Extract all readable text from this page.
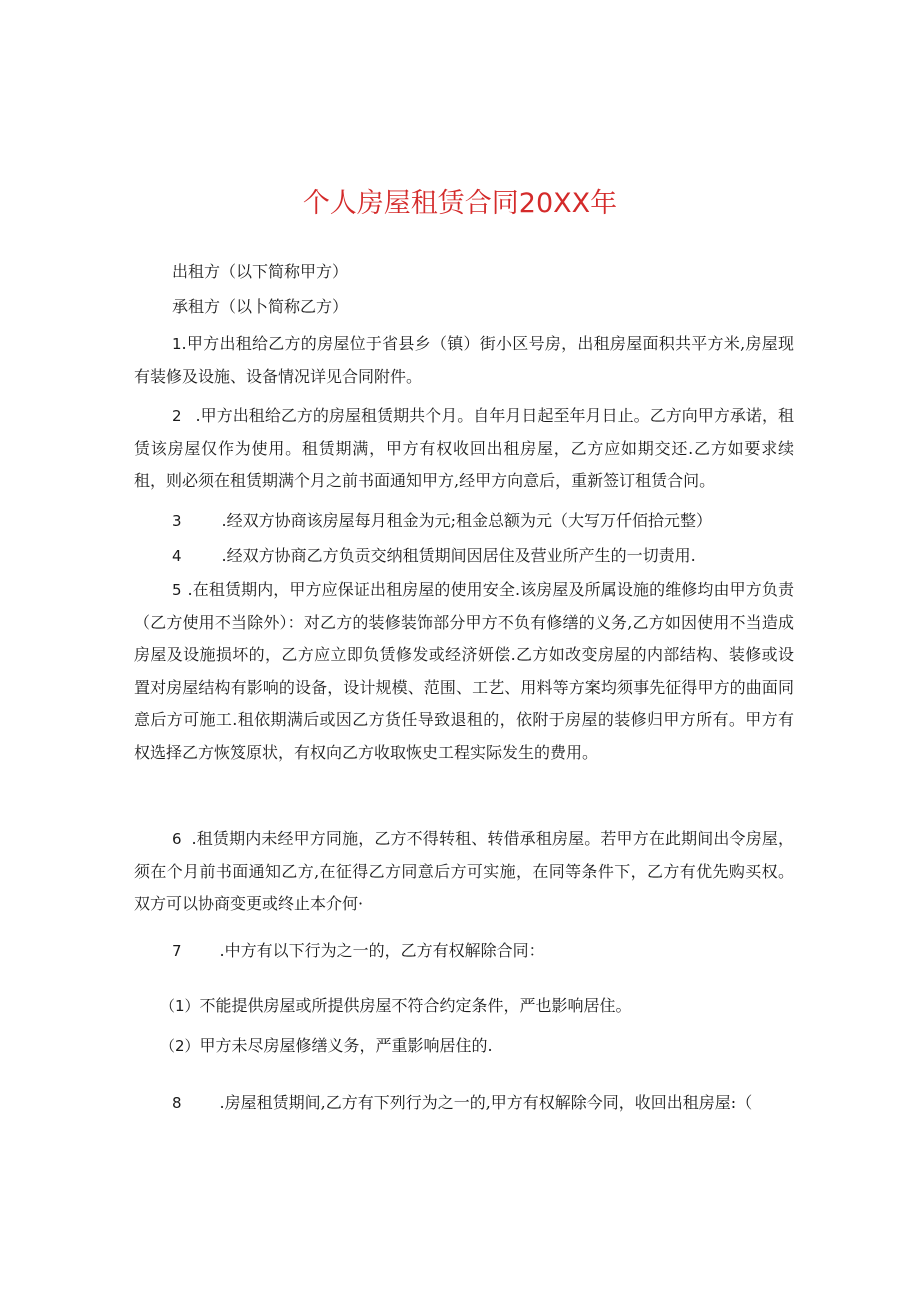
个人房屋租赁合同20XX年
出租方（以下简称甲方）
承租方（以卜简称乙方）
1.甲方出租给乙方的房屋位于省县乡（镇）街小区号房，出租房屋面积共平方米,房屋现有装修及设施、设备情况详见合同附件。
2 .甲方出租给乙方的房屋租赁期共个月。自年月日起至年月日止。乙方向甲方承诺，租赁该房屋仅作为使用。租赁期满，甲方有权收回出租房屋，乙方应如期交还.乙方如要求续租，则必须在租赁期满个月之前书面通知甲方,经甲方向意后，重新签订租赁合问。
3	.经双方协商该房屋每月租金为元;租金总额为元（大写万仟佰拾元整）
4	.经双方协商乙方负贡交纳租赁期间因居住及营业所产生的一切责用.
5 .在租赁期内，甲方应保证出租房屋的使用安全.该房屋及所属设施的维修均由甲方负责（乙方使用不当除外）：对乙方的装修装饰部分甲方不负有修缮的义务,乙方如因使用不当造成房屋及设施损坏的，乙方应立即负赁修发或经济妍偿.乙方如改变房屋的内部结构、装修或设置对房屋结构有影响的设备，设计规模、范围、工艺、用料等方案均须事先征得甲方的曲面同意后方可施工.租依期满后或因乙方货任导致退租的，依附于房屋的装修归甲方所有。甲方有权选择乙方恢笈原状，有权向乙方收取恢史工程实际发生的费用。
6 .租赁期内未经甲方同施，乙方不得转租、转借承租房屋。若甲方在此期间出令房屋，须在个月前书面通知乙方,在征得乙方同意后方可实施，在同等条件下，乙方有优先购买权。双方可以协商变更或终止本介何·
7 .中方有以下行为之一的，乙方有权解除合同：
（1）不能提供房屋或所提供房屋不符合约定条件，严也影响居住。
（2）甲方未尽房屋修缮义务，严重影响居住的.
8 .房屋租赁期间,乙方有下列行为之一的,甲方有权解除今同，收回出租房屋:（
